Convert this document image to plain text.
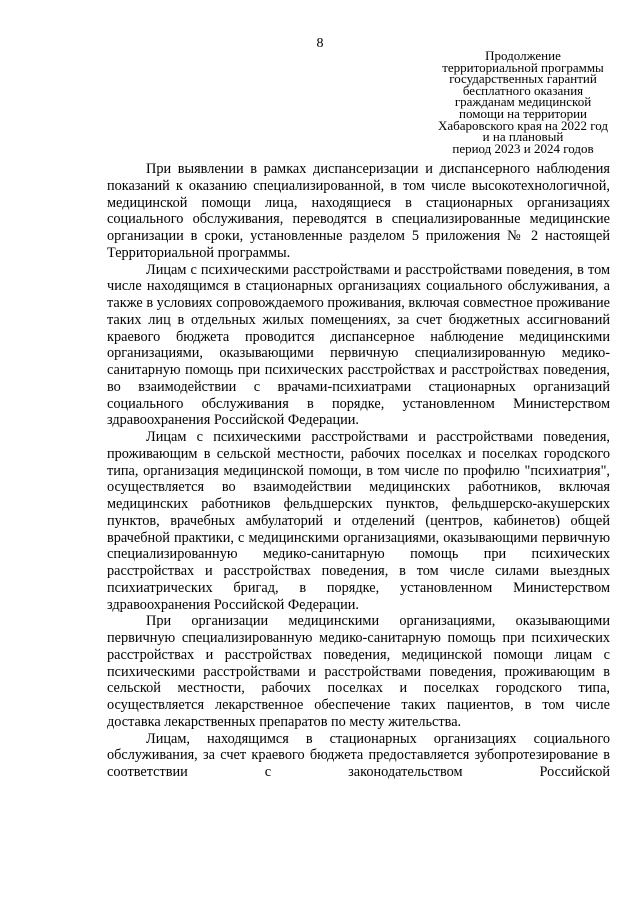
8
Продолжение
территориальной программы
государственных гарантий
бесплатного оказания
гражданам медицинской
помощи на территории
Хабаровского края на 2022 год
и на плановый
период 2023 и 2024 годов

При выявлении в рамках диспансеризации и диспансерного наблюдения показаний к оказанию специализированной, в том числе высокотехнологичной, медицинской помощи лица, находящиеся в стационарных организациях социального обслуживания, переводятся в специализированные медицинские организации в сроки, установленные разделом 5 приложения № 2 настоящей Территориальной программы.

Лицам с психическими расстройствами и расстройствами поведения, в том числе находящимся в стационарных организациях социального обслуживания, а также в условиях сопровождаемого проживания, включая совместное проживание таких лиц в отдельных жилых помещениях, за счет бюджетных ассигнований краевого бюджета проводится диспансерное наблюдение медицинскими организациями, оказывающими первичную специализированную медико-санитарную помощь при психических расстройствах и расстройствах поведения, во взаимодействии с врачами-психиатрами стационарных организаций социального обслуживания в порядке, установленном Министерством здравоохранения Российской Федерации.

Лицам с психическими расстройствами и расстройствами поведения, проживающим в сельской местности, рабочих поселках и поселках городского типа, организация медицинской помощи, в том числе по профилю "психиатрия", осуществляется во взаимодействии медицинских работников, включая медицинских работников фельдшерских пунктов, фельдшерско-акушерских пунктов, врачебных амбулаторий и отделений (центров, кабинетов) общей врачебной практики, с медицинскими организациями, оказывающими первичную специализированную медико-санитарную помощь при психических расстройствах и расстройствах поведения, в том числе силами выездных психиатрических бригад, в порядке, установленном Министерством здравоохранения Российской Федерации.

При организации медицинскими организациями, оказывающими первичную специализированную медико-санитарную помощь при психических расстройствах и расстройствах поведения, медицинской помощи лицам с психическими расстройствами и расстройствами поведения, проживающим в сельской местности, рабочих поселках и поселках городского типа, осуществляется лекарственное обеспечение таких пациентов, в том числе доставка лекарственных препаратов по месту жительства.

Лицам, находящимся в стационарных организациях социального обслуживания, за счет краевого бюджета предоставляется зубопротезирование в соответствии с законодательством Российской
